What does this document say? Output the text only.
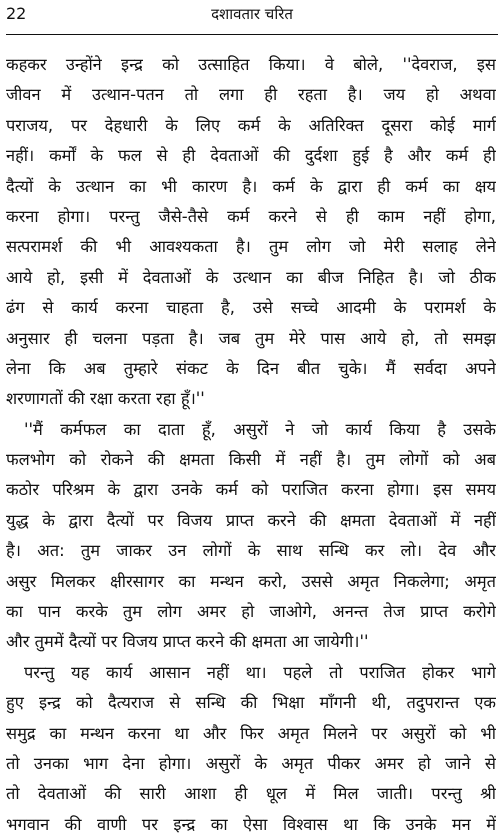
22	दशावतार चरित
कहकर उन्होंने इन्द्र को उत्साहित किया। वे बोले, ''देवराज, इस
जीवन में उत्थान-पतन तो लगा ही रहता है। जय हो अथवा
पराजय, पर देहधारी के लिए कर्म के अतिरिक्त दूसरा कोई मार्ग
नहीं। कर्मों के फल से ही देवताओं की दुर्दशा हुई है और कर्म ही
दैत्यों के उत्थान का भी कारण है। कर्म के द्वारा ही कर्म का क्षय
करना होगा। परन्तु जैसे-तैसे कर्म करने से ही काम नहीं होगा,
सत्परामर्श की भी आवश्यकता है। तुम लोग जो मेरी सलाह लेने
आये हो, इसी में देवताओं के उत्थान का बीज निहित है। जो ठीक
ढंग से कार्य करना चाहता है, उसे सच्चे आदमी के परामर्श के
अनुसार ही चलना पड़ता है। जब तुम मेरे पास आये हो, तो समझ
लेना कि अब तुम्हारे संकट के दिन बीत चुके। मैं सर्वदा अपने
शरणागतों की रक्षा करता रहा हूँ।''
''मैं कर्मफल का दाता हूँ, असुरों ने जो कार्य किया है उसके
फलभोग को रोकने की क्षमता किसी में नहीं है। तुम लोगों को अब
कठोर परिश्रम के द्वारा उनके कर्म को पराजित करना होगा। इस समय
युद्ध के द्वारा दैत्यों पर विजय प्राप्त करने की क्षमता देवताओं में नहीं
है। अत: तुम जाकर उन लोगों के साथ सन्धि कर लो। देव और
असुर मिलकर क्षीरसागर का मन्थन करो, उससे अमृत निकलेगा; अमृत
का पान करके तुम लोग अमर हो जाओगे, अनन्त तेज प्राप्त करोगे
और तुममें दैत्यों पर विजय प्राप्त करने की क्षमता आ जायेगी।''
परन्तु यह कार्य आसान नहीं था। पहले तो पराजित होकर भागे
हुए इन्द्र को दैत्यराज से सन्धि की भिक्षा माँगनी थी, तदुपरान्त एक
समुद्र का मन्थन करना था और फिर अमृत मिलने पर असुरों को भी
तो उनका भाग देना होगा। असुरों के अमृत पीकर अमर हो जाने से
तो देवताओं की सारी आशा ही धूल में मिल जाती। परन्तु श्री
भगवान की वाणी पर इन्द्र का ऐसा विश्वास था कि उनके मन में
